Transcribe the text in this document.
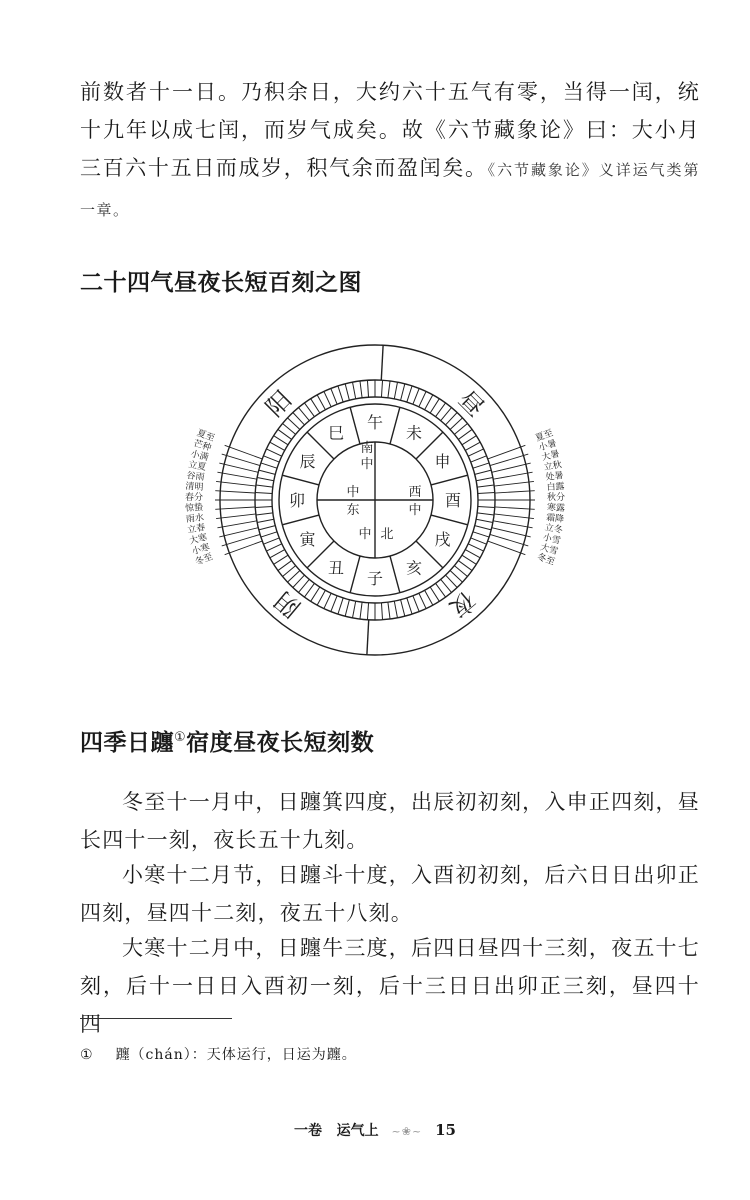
前数者十一日。乃积余日，大约六十五气有零，当得一闰，统十九年以成七闰，而岁气成矣。故《六节藏象论》曰：大小月三百六十五日而成岁，积气余而盈闰矣。《六节藏象论》义详运气类第一章。
二十四气昼夜长短百刻之图
冬至
夏至
小寒
小暑
大寒
大暑
立春
立秋
雨水
处暑
惊蛰
白露
春分	秋分
清明
寒露
谷雨
霜降
立夏
立冬
小满
小雪
芒种
大雪
夏至
冬至
子
丑
寅
卯
辰
巳
午
未
申
酉
戌
亥
阳	昼
阴	夜
中
中
中
中 北
东
南
西
四季日躔①宿度昼夜长短刻数
冬至十一月中，日躔箕四度，出辰初初刻，入申正四刻，昼长四十一刻，夜长五十九刻。
小寒十二月节，日躔斗十度，入酉初初刻，后六日日出卯正四刻，昼四十二刻，夜五十八刻。
大寒十二月中，日躔牛三度，后四日昼四十三刻，夜五十七刻，后十一日日入酉初一刻，后十三日日出卯正三刻，昼四十四
① 躔（chán）：天体运行，日运为躔。
一卷 运气上 ~❀~ 15
